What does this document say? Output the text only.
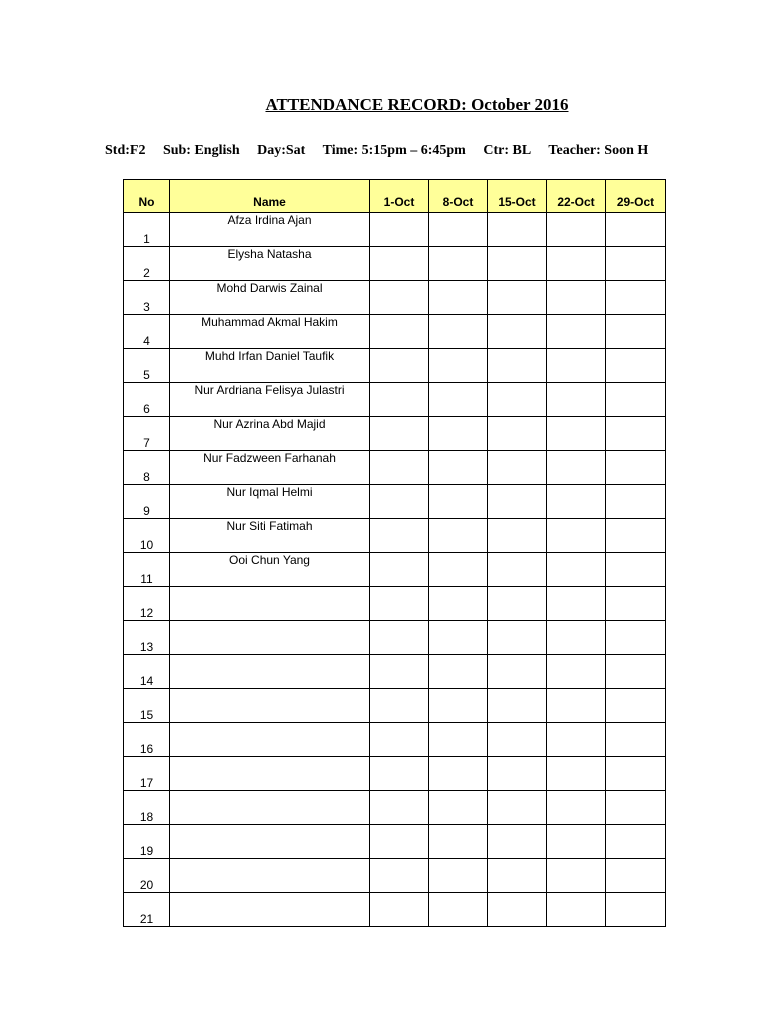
ATTENDANCE RECORD: October 2016
Std:F2 Sub: English Day:Sat Time: 5:15pm – 6:45pm Ctr: BL Teacher: Soon H
No	Name	1-Oct	8-Oct	15-Oct	22-Oct	29-Oct
1	Afza Irdina Ajan					
2	Elysha Natasha					
3	Mohd Darwis Zainal					
4	Muhammad Akmal Hakim					
5	Muhd Irfan Daniel Taufik					
6	Nur Ardriana Felisya Julastri					
7	Nur Azrina Abd Majid					
8	Nur Fadzween Farhanah					
9	Nur Iqmal Helmi					
10	Nur Siti Fatimah					
11	Ooi Chun Yang					
12						
13						
14						
15						
16						
17						
18						
19						
20						
21						
